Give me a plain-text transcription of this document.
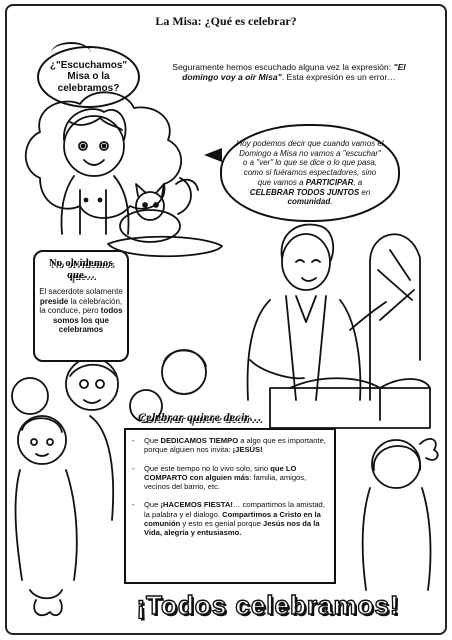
La Misa: ¿Qué es celebrar?
¿"Escuchamos"
Misa o la
celebramos?

Seguramente hemos escuchado alguna vez la expresión: "El domingo voy a oír Misa". Esta expresión es un error…

Hoy podemos decir que cuando vamos el Domingo a Misa no vamos a "escuchar" o a "ver" lo que se dice o lo que pasa, como si fuéramos espectadores, sino que vamos a PARTICIPAR, a CELEBRAR TODOS JUNTOS en comunidad.

No olvidemos
que…

El sacerdote solamente preside la celebración, la conduce, pero todos somos los que celebramos

Celebrar quiere decir…
-	Que DEDICAMOS TIEMPO a algo que es importante, porque alguien nos invita: ¡JESÚS!

-	Que este tiempo no lo vivo solo, sino que LO COMPARTO con alguien más: familia, amigos, vecinos del barrio, etc.

-	Que ¡HACEMOS FIESTA!… compartimos la amistad, la palabra y el dialogo. Compartimos a Cristo en la comunión y esto es genial porque Jesús nos da la Vida, alegría y entusiasmo.

¡Todos celebramos!
